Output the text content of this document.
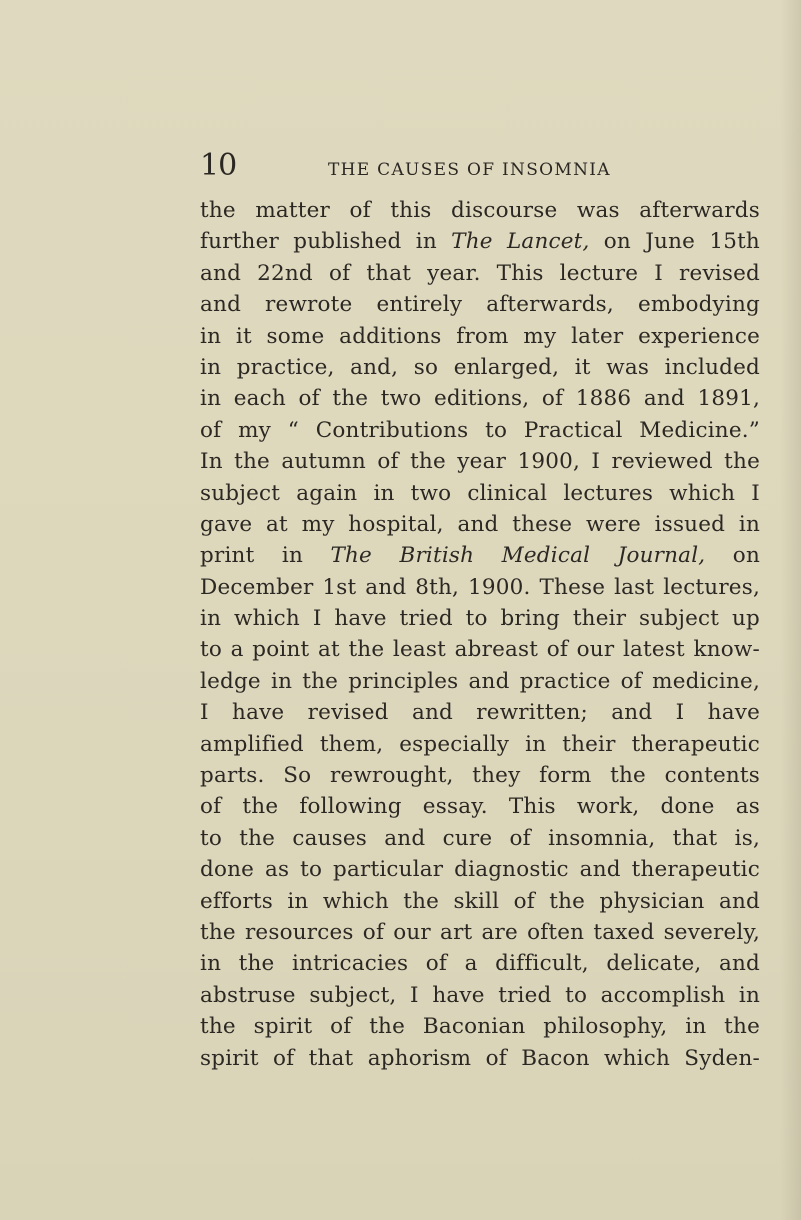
10	THE CAUSES OF INSOMNIA
the matter of this discourse was afterwards
further published in The Lancet, on June 15th
and 22nd of that year. This lecture I revised
and rewrote entirely afterwards, embodying
in it some additions from my later experience
in practice, and, so enlarged, it was included
in each of the two editions, of 1886 and 1891,
of my “ Contributions to Practical Medicine.”
In the autumn of the year 1900, I reviewed the
subject again in two clinical lectures which I
gave at my hospital, and these were issued in
print in The British Medical Journal, on
December 1st and 8th, 1900. These last lectures,
in which I have tried to bring their subject up
to a point at the least abreast of our latest know-
ledge in the principles and practice of medicine,
I have revised and rewritten; and I have
amplified them, especially in their therapeutic
parts. So rewrought, they form the contents
of the following essay. This work, done as
to the causes and cure of insomnia, that is,
done as to particular diagnostic and therapeutic
efforts in which the skill of the physician and
the resources of our art are often taxed severely,
in the intricacies of a difficult, delicate, and
abstruse subject, I have tried to accomplish in
the spirit of the Baconian philosophy, in the
spirit of that aphorism of Bacon which Syden-
